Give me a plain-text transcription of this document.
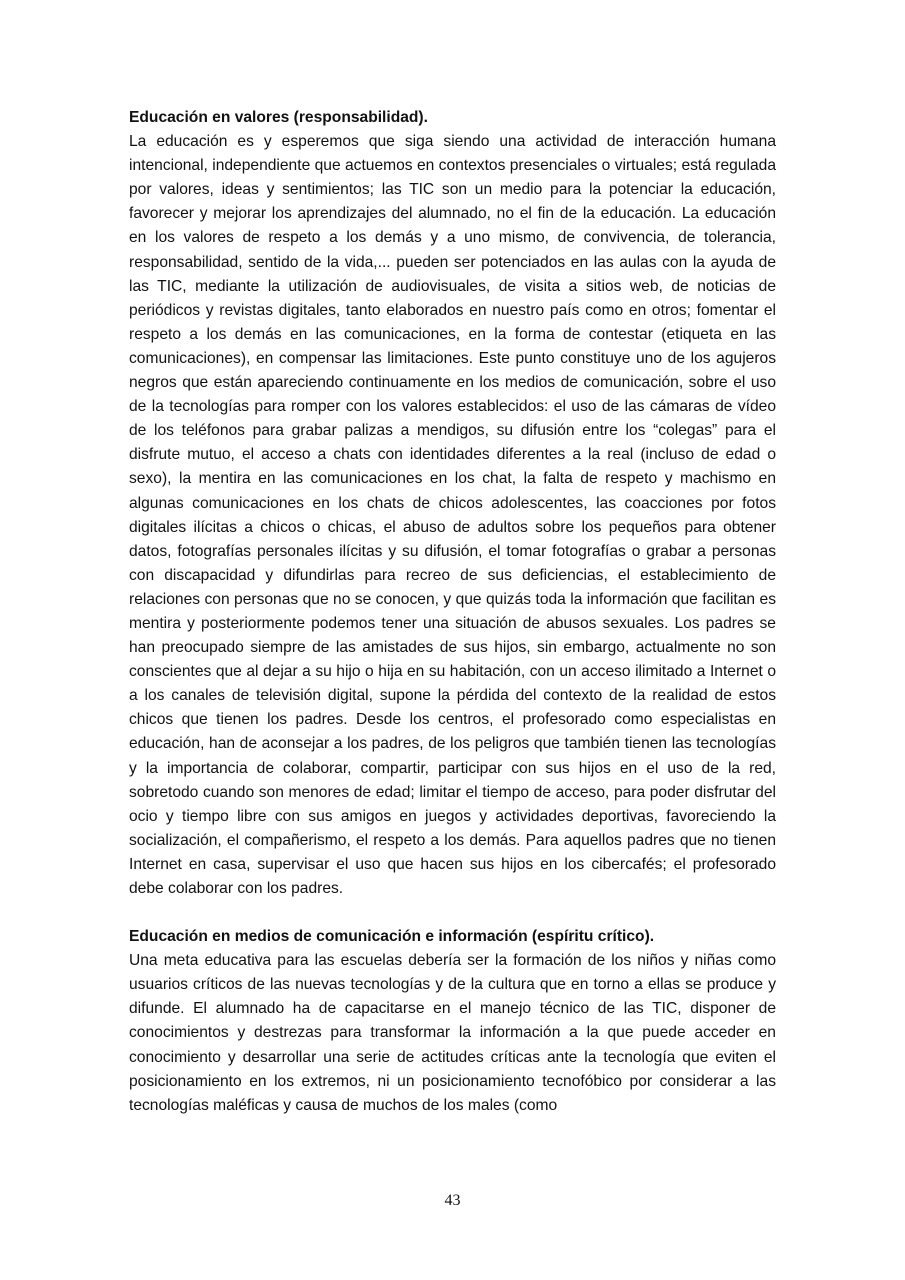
Educación en valores (responsabilidad).

La educación es y esperemos que siga siendo una actividad de interacción humana intencional, independiente que actuemos en contextos presenciales o virtuales; está regulada por valores, ideas y sentimientos; las TIC son un medio para la potenciar la educación, favorecer y mejorar los aprendizajes del alumnado, no el fin de la educación. La educación en los valores de respeto a los demás y a uno mismo, de convivencia, de tolerancia, responsabilidad, sentido de la vida,... pueden ser potenciados en las aulas con la ayuda de las TIC, mediante la utilización de audiovisuales, de visita a sitios web, de noticias de periódicos y revistas digitales, tanto elaborados en nuestro país como en otros; fomentar el respeto a los demás en las comunicaciones, en la forma de contestar (etiqueta en las comunicaciones), en compensar las limitaciones. Este punto constituye uno de los agujeros negros que están apareciendo continuamente en los medios de comunicación, sobre el uso de la tecnologías para romper con los valores establecidos: el uso de las cámaras de vídeo de los teléfonos para grabar palizas a mendigos, su difusión entre los “colegas” para el disfrute mutuo, el acceso a chats con identidades diferentes a la real (incluso de edad o sexo), la mentira en las comunicaciones en los chat, la falta de respeto y machismo en algunas comunicaciones en los chats de chicos adolescentes, las coacciones por fotos digitales ilícitas a chicos o chicas, el abuso de adultos sobre los pequeños para obtener datos, fotografías personales ilícitas y su difusión, el tomar fotografías o grabar a personas con discapacidad y difundirlas para recreo de sus deficiencias, el establecimiento de relaciones con personas que no se conocen, y que quizás toda la información que facilitan es mentira y posteriormente podemos tener una situación de abusos sexuales. Los padres se han preocupado siempre de las amistades de sus hijos, sin embargo, actualmente no son conscientes que al dejar a su hijo o hija en su habitación, con un acceso ilimitado a Internet o a los canales de televisión digital, supone la pérdida del contexto de la realidad de estos chicos que tienen los padres. Desde los centros, el profesorado como especialistas en educación, han de aconsejar a los padres, de los peligros que también tienen las tecnologías y la importancia de colaborar, compartir, participar con sus hijos en el uso de la red, sobretodo cuando son menores de edad; limitar el tiempo de acceso, para poder disfrutar del ocio y tiempo libre con sus amigos en juegos y actividades deportivas, favoreciendo la socialización, el compañerismo, el respeto a los demás. Para aquellos padres que no tienen Internet en casa, supervisar el uso que hacen sus hijos en los cibercafés; el profesorado debe colaborar con los padres.

Educación en medios de comunicación e información (espíritu crítico).

Una meta educativa para las escuelas debería ser la formación de los niños y niñas como usuarios críticos de las nuevas tecnologías y de la cultura que en torno a ellas se produce y difunde. El alumnado ha de capacitarse en el manejo técnico de las TIC, disponer de conocimientos y destrezas para transformar la información a la que puede acceder en conocimiento y desarrollar una serie de actitudes críticas ante la tecnología que eviten el posicionamiento en los extremos, ni un posicionamiento tecnofóbico por considerar a las tecnologías maléficas y causa de muchos de los males (como

43
